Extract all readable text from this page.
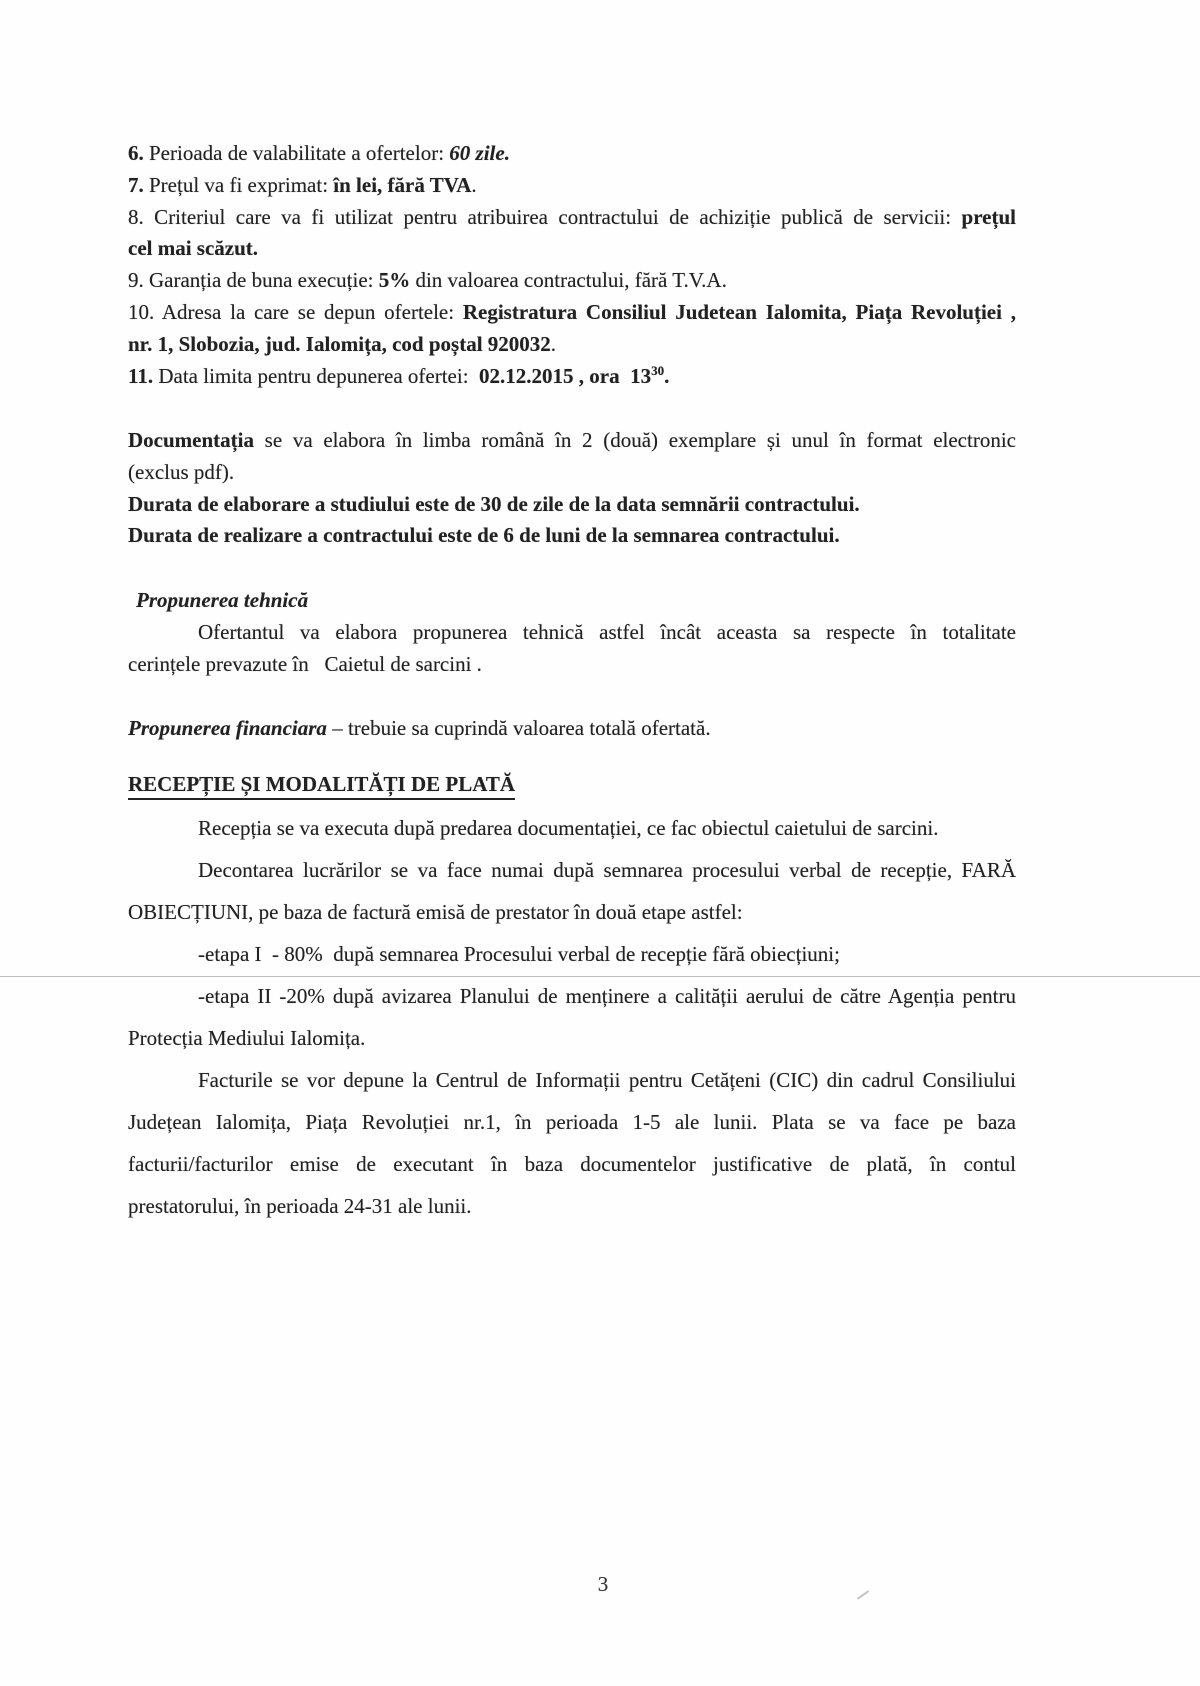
6. Perioada de valabilitate a ofertelor: 60 zile.
7. Prețul va fi exprimat: în lei, fără TVA.
8. Criteriul care va fi utilizat pentru atribuirea contractului de achiziție publică de servicii: prețul
cel mai scăzut.
9. Garanția de buna execuție: 5% din valoarea contractului, fără T.V.A.
10. Adresa la care se depun ofertele: Registratura Consiliul Judetean Ialomita, Piața Revoluției ,
nr. 1, Slobozia, jud. Ialomița, cod poștal 920032.
11. Data limita pentru depunerea ofertei:  02.12.2015 , ora  $13^{30}$.
Documentația se va elabora în limba română în 2 (două) exemplare și unul în format electronic
(exclus pdf).
Durata de elaborare a studiului este de 30 de zile de la data semnării contractului.
Durata de realizare a contractului este de 6 de luni de la semnarea contractului.
Propunerea tehnică
Ofertantul va elabora propunerea tehnică astfel încât aceasta sa respecte în totalitate
cerințele prevazute în   Caietul de sarcini .
Propunerea financiara – trebuie sa cuprindă valoarea totală ofertată.
RECEPȚIE ȘI MODALITĂȚI DE PLATĂ
Recepția se va executa după predarea documentației, ce fac obiectul caietului de sarcini.
Decontarea lucrărilor se va face numai după semnarea procesului verbal de recepție, FARĂ
OBIECȚIUNI, pe baza de factură emisă de prestator în două etape astfel:
-etapa I  - 80%  după semnarea Procesului verbal de recepție fără obiecțiuni;
-etapa II -20% după avizarea Planului de menținere a calității aerului de către Agenția pentru
Protecția Mediului Ialomița.
Facturile se vor depune la Centrul de Informații pentru Cetățeni (CIC) din cadrul Consiliului
Județean Ialomița, Piața Revoluției nr.1, în perioada 1-5 ale lunii. Plata se va face pe baza
facturii/facturilor emise de executant în baza documentelor justificative de plată, în contul
prestatorului, în perioada 24-31 ale lunii.
3
